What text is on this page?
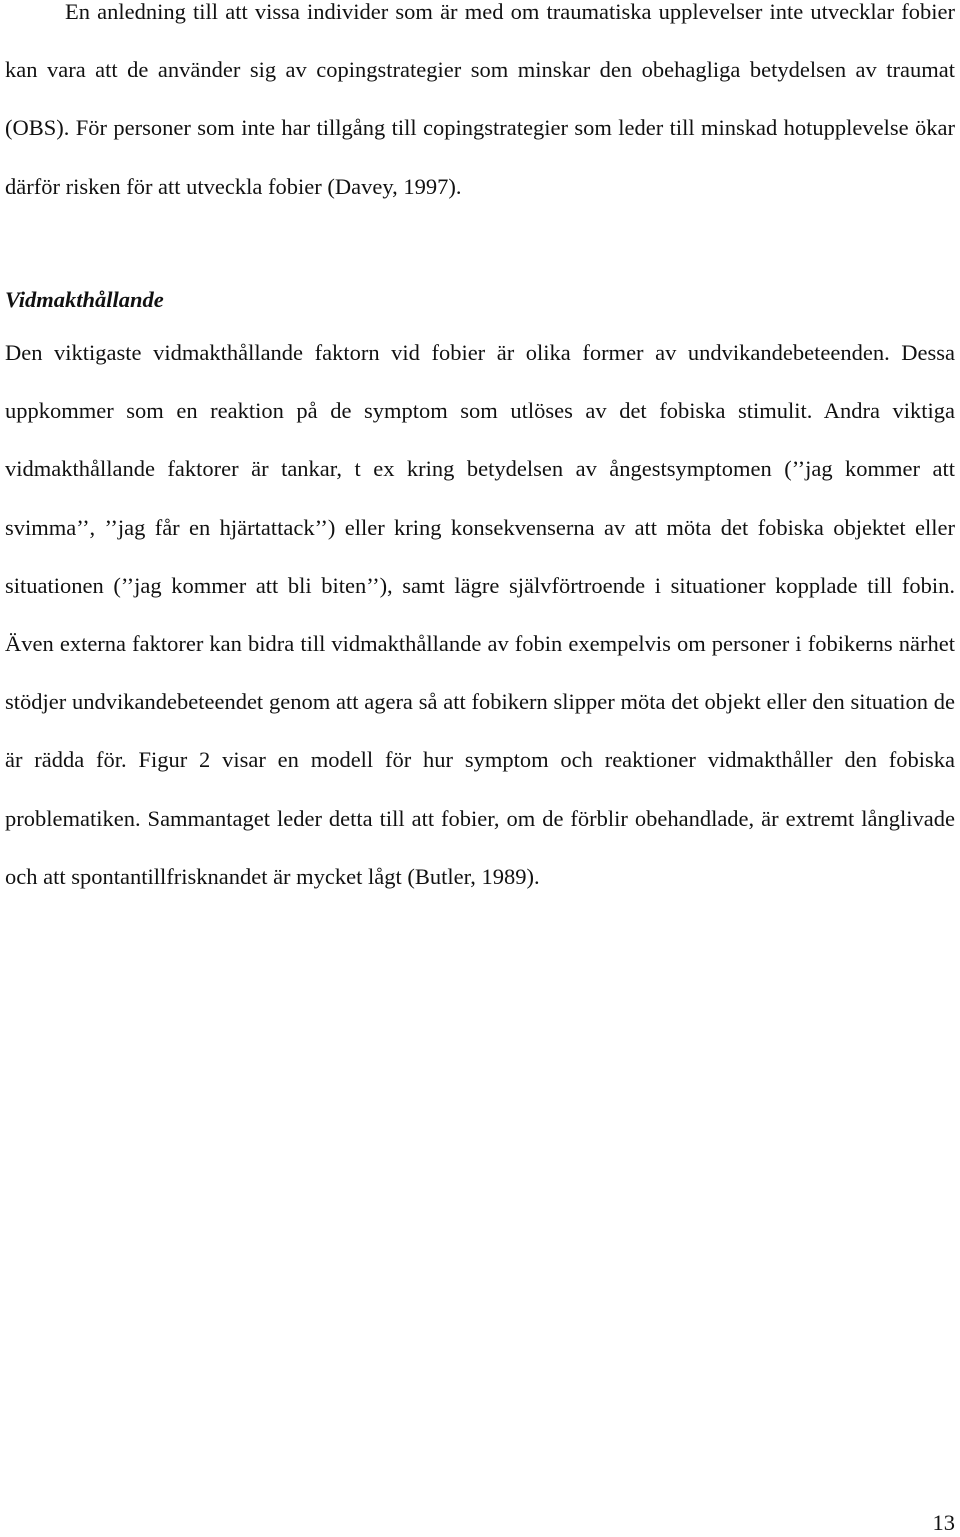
En anledning till att vissa individer som är med om traumatiska upplevelser inte utvecklar fobier kan vara att de använder sig av copingstrategier som minskar den obehagliga betydelsen av traumat (OBS). För personer som inte har tillgång till copingstrategier som leder till minskad hotupplevelse ökar därför risken för att utveckla fobier (Davey, 1997).

Vidmakthållande

Den viktigaste vidmakthållande faktorn vid fobier är olika former av undvikandebeteenden. Dessa uppkommer som en reaktion på de symptom som utlöses av det fobiska stimulit. Andra viktiga vidmakthållande faktorer är tankar, t ex kring betydelsen av ångestsymptomen (’’jag kommer att svimma’’, ’’jag får en hjärtattack’’) eller kring konsekvenserna av att möta det fobiska objektet eller situationen (’’jag kommer att bli biten’’), samt lägre självförtroende i situationer kopplade till fobin. Även externa faktorer kan bidra till vidmakthållande av fobin exempelvis om personer i fobikerns närhet stödjer undvikandebeteendet genom att agera så att fobikern slipper möta det objekt eller den situation de är rädda för. Figur 2 visar en modell för hur symptom och reaktioner vidmakthåller den fobiska problematiken. Sammantaget leder detta till att fobier, om de förblir obehandlade, är extremt långlivade och att spontantillfrisknandet är mycket lågt (Butler, 1989).

13
